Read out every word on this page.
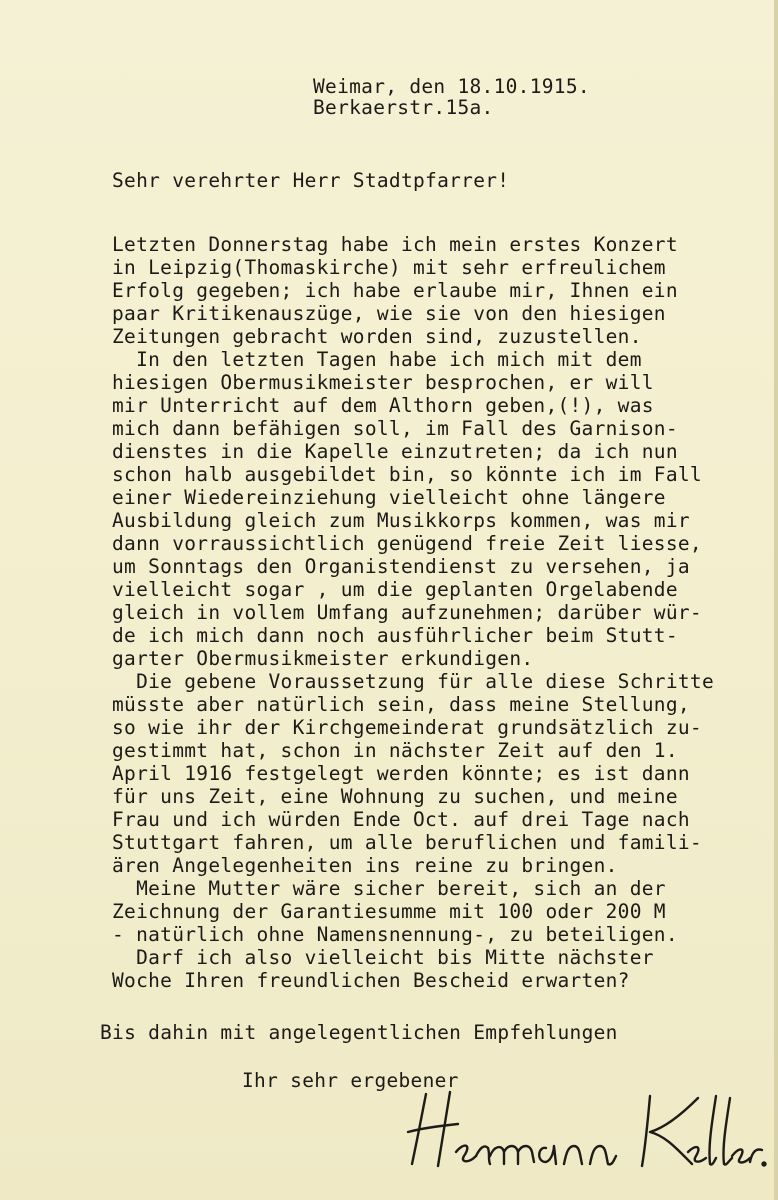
Weimar, den 18.10.1915.
Berkaerstr.15a.
Sehr verehrter Herr Stadtpfarrer!
Letzten Donnerstag habe ich mein erstes Konzert
in Leipzig(Thomaskirche) mit sehr erfreulichem
Erfolg gegeben; ich habe erlaube mir, Ihnen ein
paar Kritikenauszüge, wie sie von den hiesigen
Zeitungen gebracht worden sind, zuzustellen.
In den letzten Tagen habe ich mich mit dem
hiesigen Obermusikmeister besprochen, er will
mir Unterricht auf dem Althorn geben,(!), was
mich dann befähigen soll, im Fall des Garnison-
dienstes in die Kapelle einzutreten; da ich nun
schon halb ausgebildet bin, so könnte ich im Fall
einer Wiedereinziehung vielleicht ohne längere
Ausbildung gleich zum Musikkorps kommen, was mir
dann vorraussichtlich genügend freie Zeit liesse,
um Sonntags den Organistendienst zu versehen, ja
vielleicht sogar , um die geplanten Orgelabende
gleich in vollem Umfang aufzunehmen; darüber wür-
de ich mich dann noch ausführlicher beim Stutt-
garter Obermusikmeister erkundigen.
Die gebene Voraussetzung für alle diese Schritte
müsste aber natürlich sein, dass meine Stellung,
so wie ihr der Kirchgemeinderat grundsätzlich zu-
gestimmt hat, schon in nächster Zeit auf den 1.
April 1916 festgelegt werden könnte; es ist dann
für uns Zeit, eine Wohnung zu suchen, und meine
Frau und ich würden Ende Oct. auf drei Tage nach
Stuttgart fahren, um alle beruflichen und famili-
ären Angelegenheiten ins reine zu bringen.
Meine Mutter wäre sicher bereit, sich an der
Zeichnung der Garantiesumme mit 100 oder 200 M
- natürlich ohne Namensnennung-, zu beteiligen.
Darf ich also vielleicht bis Mitte nächster
Woche Ihren freundlichen Bescheid erwarten?
Bis dahin mit angelegentlichen Empfehlungen
Ihr sehr ergebener
